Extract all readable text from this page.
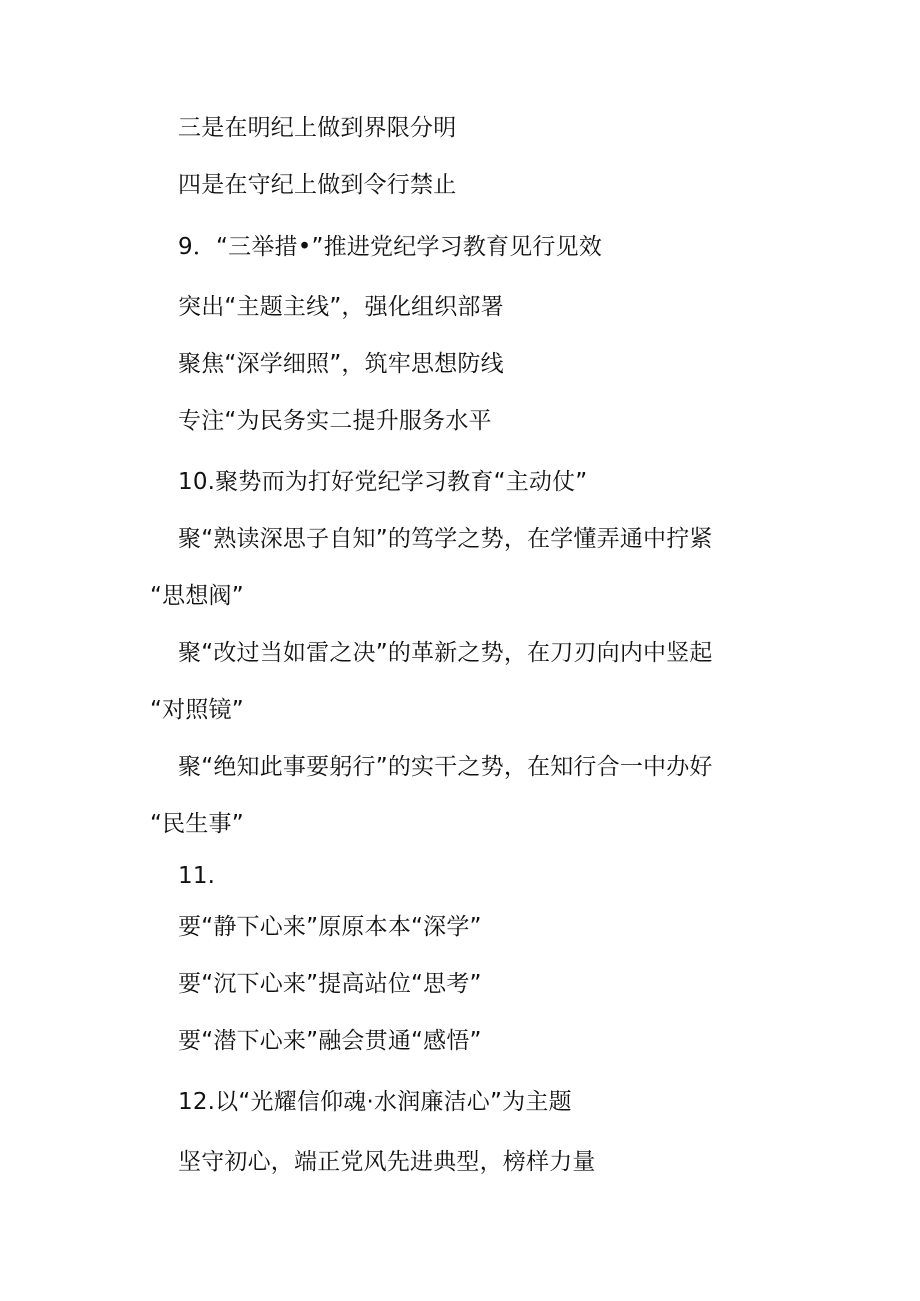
三是在明纪上做到界限分明
四是在守纪上做到令行禁止
9．“三举措•”推进党纪学习教育见行见效
突出“主题主线”，强化组织部署
聚焦“深学细照”，筑牢思想防线
专注“为民务实二提升服务水平
10.聚势而为打好党纪学习教育“主动仗”
聚“熟读深思子自知”的笃学之势，在学懂弄通中拧紧
“思想阀”
聚“改过当如雷之决”的革新之势，在刀刃向内中竖起
“对照镜”
聚“绝知此事要躬行”的实干之势，在知行合一中办好
“民生事”
11.
要“静下心来”原原本本“深学”
要“沉下心来”提高站位“思考”
要“潜下心来”融会贯通“感悟”
12.以“光耀信仰魂·水润廉洁心”为主题
坚守初心，端正党风先进典型，榜样力量
